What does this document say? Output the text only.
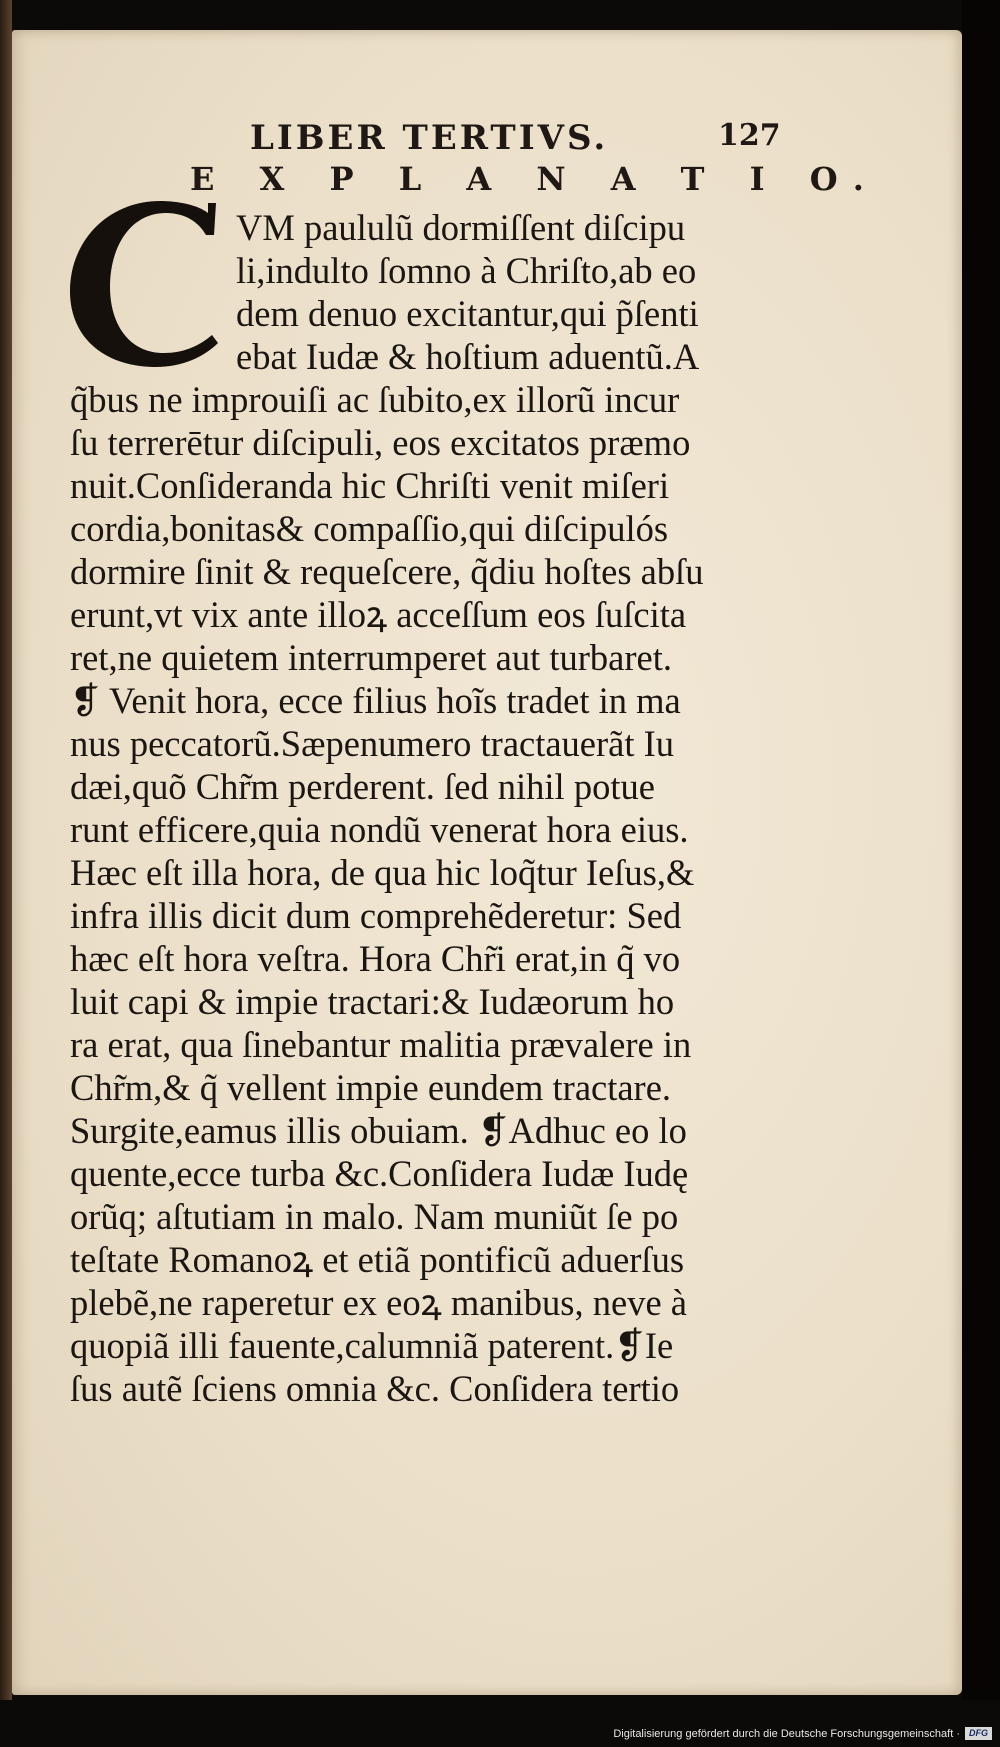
LIBER TERTIVS.	127
E X P L A N A T I O.
VM paululũ dormiſſent diſcipu
li,indulto ſomno à Chriſto,ab eo
dem denuo excitantur,qui p̃ſenti
ebat Iudæ & hoſtium aduentũ.A
q̃bus ne improuiſi ac ſubito,ex illorũ incur
ſu terrerētur diſcipuli, eos excitatos præmo
nuit.Conſideranda hic Chriſti venit miſeri
cordia,bonitas& compaſſio,qui diſcipulós
dormire ſinit & requeſcere, q̃diu hoſtes abſu
erunt,vt vix ante illoꝝ acceſſum eos ſuſcita
ret,ne quietem interrumperet aut turbaret.
❡ Venit hora, ecce filius hoĩs tradet in ma
nus peccatorũ.Sæpenumero tractauerãt Iu
dæi,quõ Chr̃m perderent. ſed nihil potue
runt efficere,quia nondũ venerat hora eius.
Hæc eſt illa hora, de qua hic loq̃tur Ieſus,&
infra illis dicit dum comprehẽderetur: Sed
hæc eſt hora veſtra. Hora Chr̃i erat,in q̃ vo
luit capi & impie tractari:& Iudæorum ho
ra erat, qua ſinebantur malitia prævalere in
Chr̃m,& q̃ vellent impie eundem tractare.
Surgite,eamus illis obuiam. ❡Adhuc eo lo
quente,ecce turba &c.Conſidera Iudæ Iudę
orũq; aſtutiam in malo. Nam muniũt ſe po
teſtate Romanoꝝ et etiã pontificũ aduerſus
plebẽ,ne raperetur ex eoꝝ manibus, neve à
quopiã illi fauente,calumniã paterent.❡Ie
ſus autẽ ſciens omnia &c. Conſidera tertio
Digitalisierung gefördert durch die Deutsche Forschungsgemeinschaft ·	DFG
